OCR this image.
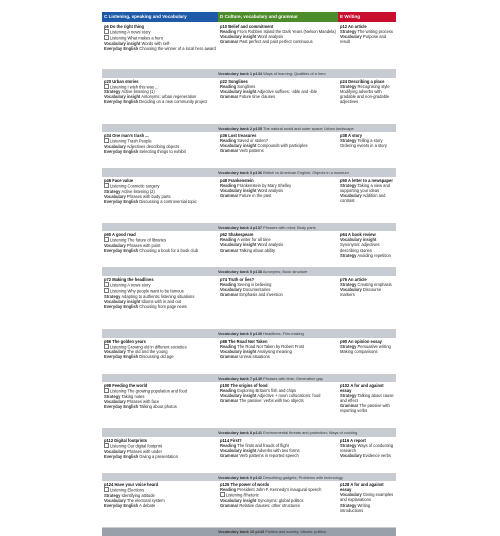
C Listening, speaking and Vocabulary	D Culture, vocabulary and grammar	E Writing
p6 Do the right thing
Listening A news story
Listening What makes a hero
Vocabulary insight Words with self-
Everyday English Choosing the winner of a local hero award
p10 Belief and commitment
Reading From Robben Island the Dark Years (Nelson Mandela)
Vocabulary insight Word analysis
Grammar Past perfect and past perfect continuous
p12 An article
Strategy The writing process
Vocabulary Purpose and result
Vocabulary bank 1 p134 Ways of learning; Qualities of a hero
p20 Urban stories
Listening I wish this was ...
Strategy Active listening (1)
Vocabulary insight Antonyms: urban regeneration
Everyday English Deciding on a new community project
p22 Songlines
Reading Songlines
Vocabulary insight Adjective suffixes: -able and -ible
Grammar Future time clauses
p24 Describing a place
Strategy Recognising style
Modifying adverbs with gradable and non-gradable adjectives
Vocabulary bank 2 p135 The natural world and outer space; Urban landscape
p34 One man's trash ...
Listening Trash People
Vocabulary Adjectives describing objects
Everyday English Selecting things to exhibit
p36 Lost treasures
Reading Saved or stolen?
Vocabulary insight Compounds with participles
Grammar Verb patterns
p38 A story
Strategy Telling a story
Ordering events in a story
Vocabulary bank 3 p136 British vs American English; Objects in a museum
p46 Face value
Listening Cosmetic surgery
Strategy Active listening (2)
Vocabulary Phrases with body parts
Everyday English Discussing a controversial topic
p48 Frankenstein
Reading Frankenstein by Mary Shelley
Vocabulary insight Word analysis
Grammar Future in the past
p50 A letter to a newspaper
Strategy Taking a view and supporting your ideas
Vocabulary Addition and contrast
Vocabulary bank 4 p137 Phrases with mind; Body parts
p60 A good read
Listening The future of libraries
Vocabulary Phrases with point
Everyday English Choosing a book for a book club
p62 Shakespeare
Reading A writer for all time
Vocabulary insight Word analysis
Grammar Talking about ability
p64 A book review
Vocabulary insight Synonyms: adjectives describing stories
Strategy Avoiding repetition
Vocabulary bank 5 p138 Acronyms; Book structure
p72 Making the headlines
Listening A news story
Listening Why people want to be famous
Strategy Adapting to authentic listening situations
Vocabulary insight Idioms with in and out
Everyday English Choosing from page news
p74 Truth or lies?
Reading Seeing is believing
Vocabulary Documentaries
Grammar Emphasis and inversion
p76 An article
Strategy Creating emphasis
Vocabulary Discourse markers
Vocabulary bank 6 p139 Headlines; Film-making
p86 The golden years
Listening Growing old in different societies
Vocabulary The old and the young
Everyday English Discussing old age
p88 The Road Not Taken
Reading The Road Not Taken by Robert Frost
Vocabulary insight Analysing meaning
Grammar Unreal situations
p90 An opinion essay
Strategy Persuasive writing
Making comparisons
Vocabulary bank 7 p140 Phrases with time; Generation gap
p98 Feeding the world
Listening The growing population and food
Strategy Taking notes
Vocabulary Phrases with face
Everyday English Talking about photos
p100 The origins of food
Reading Exploring Britain's fish and chips
Vocabulary insight Adjective + noun collocations: food
Grammar The passive: verbs with two objects
p102 A for and against essay
Strategy Talking about cause and effect
Grammar The passive with reporting verbs
Vocabulary bank 8 p141 Environmental threats and protection; Ways of cooking
p112 Digital footprints
Listening Our digital footprint
Vocabulary Phrases with under
Everyday English Giving a presentation
p114 First?
Reading The firsts and frauds of flight
Vocabulary insight Adverbs with two forms
Grammar Verb patterns in reported speech
p116 A report
Strategy Ways of conducting research
Vocabulary Evidence verbs
Vocabulary bank 9 p142 Describing gadgets; Problems with technology
p124 Have your voice heard
Listening Elections
Strategy Identifying attitude
Vocabulary The electoral system
Everyday English A debate
p126 The power of words
Reading President John F. Kennedy's inaugural speech
Listening Rhetoric
Vocabulary insight Synonyms: global politics
Grammar Relative clauses: other structures
p128 A for and against essay
Vocabulary Giving examples and explanations
Strategy Writing introductions
Vocabulary bank 10 p143 Politics and society; Idioms: politics
